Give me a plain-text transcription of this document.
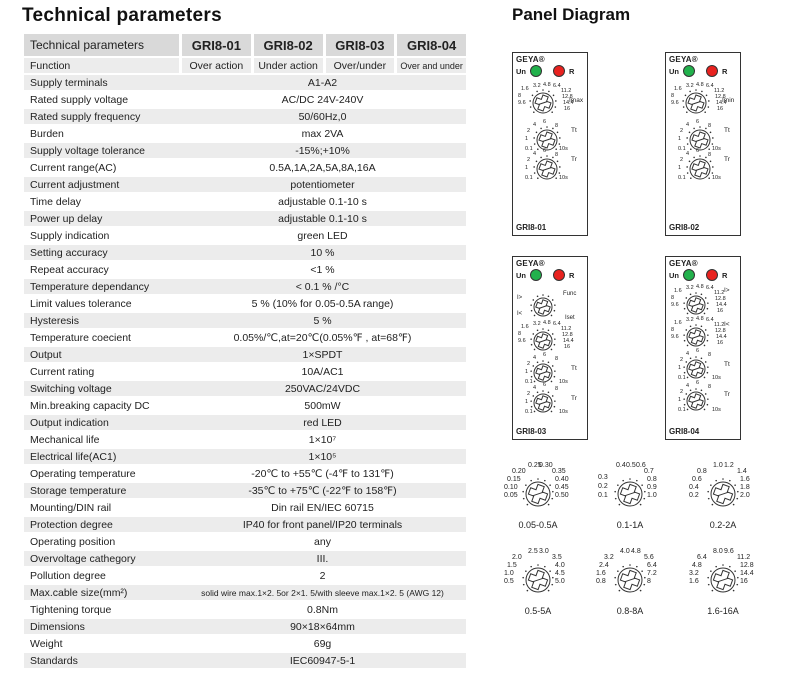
Technical parameters	Panel Diagram
Technical parameters		GRI8-01		GRI8-02		GRI8-03		GRI8-04
Function		Over action		Under action		Over/under		Over and under
Supply terminals	A1-A2							
Rated supply voltage	AC/DC 24V-240V							
Rated supply frequency	50/60Hz,0							
Burden	max 2VA							
Supply voltage tolerance	-15%;+10%							
Current range(AC)	0.5A,1A,2A,5A,8A,16A							
Current adjustment	potentiometer							
Time delay	adjustable 0.1-10 s							
Power up delay	adjustable 0.1-10 s							
Supply indication	green LED							
Setting accuracy	10 %							
Repeat accuracy	<1 %							
Temperature dependancy	< 0.1 % /°C							
Limit values tolerance	5 % (10% for 0.05-0.5A range)							
Hysteresis	5 %							
Temperature coecient	0.05%/℃,at=20℃(0.05%℉ , at=68℉)							
Output	1×SPDT							
Current rating	10A/AC1							
Switching voltage	250VAC/24VDC							
Min.breaking capacity DC	500mW							
Output indication	red LED							
Mechanical life	1×10⁷							
Electrical life(AC1)	1×10⁵							
Operating temperature	-20℃ to +55℃ (-4℉ to 131℉)							
Storage temperature	-35℃ to +75℃ (-22℉ to 158℉)							
Mounting/DIN rail	Din rail EN/IEC 60715							
Protection degree	IP40 for front panel/IP20 terminals							
Operating position	any							
Overvoltage cathegory	III.							
Pollution degree	2							
Max.cable size(mm²)	solid wire max.1×2. 5or 2×1. 5/with sleeve max.1×2. 5 (AWG 12)							
Tightening torque	0.8Nm							
Dimensions	90×18×64mm							
Weight	69g							
Standards	IEC60947-5-1							
GEYA®
Un	R
GRI8-01
1.6 3.2 4.8 6.4
8
9.6
11.2
12.8
14.4
16
Imax
2
4 6
8
1
0.1	10s
Tt
2
4 6
8
1
0.1	10s
Tr
GEYA®
Un	R
GRI8-02
1.6 3.2 4.8 6.4
8
9.6
11.2
12.8
14.4
16
Imin
2
4 6
8
1
0.1	10s
Tt
2
4 6
8
1
0.1	10s
Tr
GEYA®
Un	R
GRI8-03
I>
Func
I<
Iset
1.6 3.2 4.8 6.4
8
9.6
11.2
12.8
14.4
16
2
4 6
8
1
0.1	10s
Tt
2
4 6
8
1
0.1	10s
Tr
GEYA®
Un	R
GRI8-04
1.6 3.2 4.8 6.4
8
9.6
11.2
12.8
14.4
16
I>
1.6 3.2 4.8 6.4
8
9.6
11.2
12.8
14.4
16
I<
2
4 6
8
1
0.1	10s
Tt
2
4 6
8
1
0.1	10s
Tr
0.25
0.30
0.20
0.15
0.10
0.05
0.35
0.40
0.45
0.50
0.05-0.5A
0.4 0.5 0.6
0.3
0.2
0.1
0.7
0.8
0.9
1.0
0.1-1A
1.0 1.2
0.8
0.6
0.4
0.2
1.4
1.6
1.8
2.0
0.2-2A
2.5 3.0
2.0
1.5
1.0
0.5
3.5
4.0
4.5
5.0
0.5-5A
4.0 4.8
3.2
2.4
1.6
0.8
5.6
6.4
7.2
8
0.8-8A
8.0 9.6
6.4
4.8
3.2
1.6
11.2
12.8
14.4
16
1.6-16A
